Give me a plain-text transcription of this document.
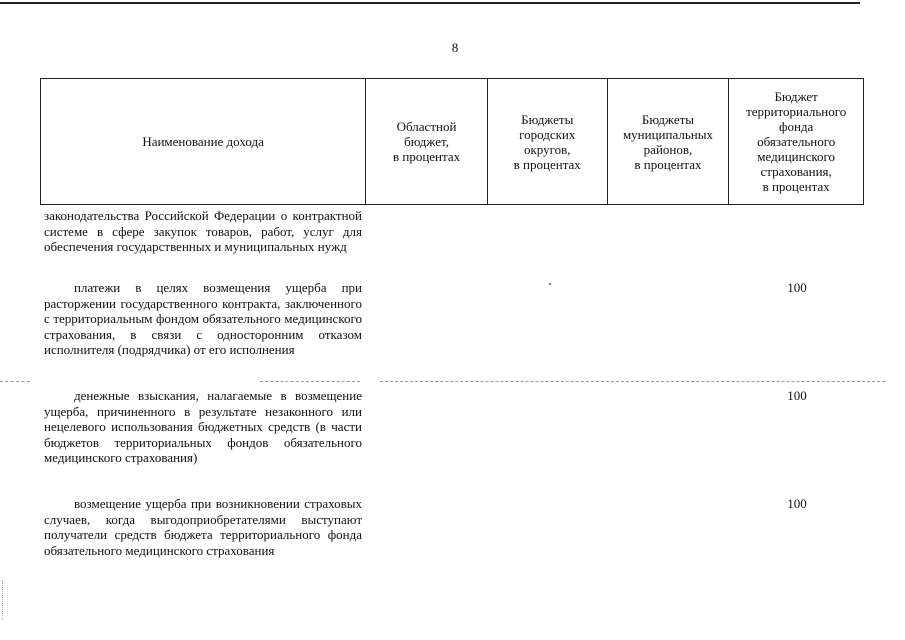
8
Наименование дохода
Областной
бюджет,
в процентах
Бюджеты
городских
округов,
в процентах
Бюджеты
муниципальных
районов,
в процентах
Бюджет
территориального
фонда
обязательного
медицинского
страхования,
в процентах
законодательства Российской Федерации о контрактной системе в сфере закупок товаров, работ, услуг для обеспечения государственных и муниципальных нужд
платежи в целях возмещения ущерба при расторжении государственного контракта, заключенного с территориальным фондом обязательного медицинского страхования, в связи с односторонним отказом исполнителя (подрядчика) от его исполнения
100
денежные взыскания, налагаемые в возмещение ущерба, причиненного в результате незаконного или нецелевого использования бюджетных средств (в части бюджетов территориальных фондов обязательного медицинского страхования)
100
возмещение ущерба при возникновении страховых случаев, когда выгодоприобретателями выступают получатели средств бюджета территориального фонда обязательного медицинского страхования
100
